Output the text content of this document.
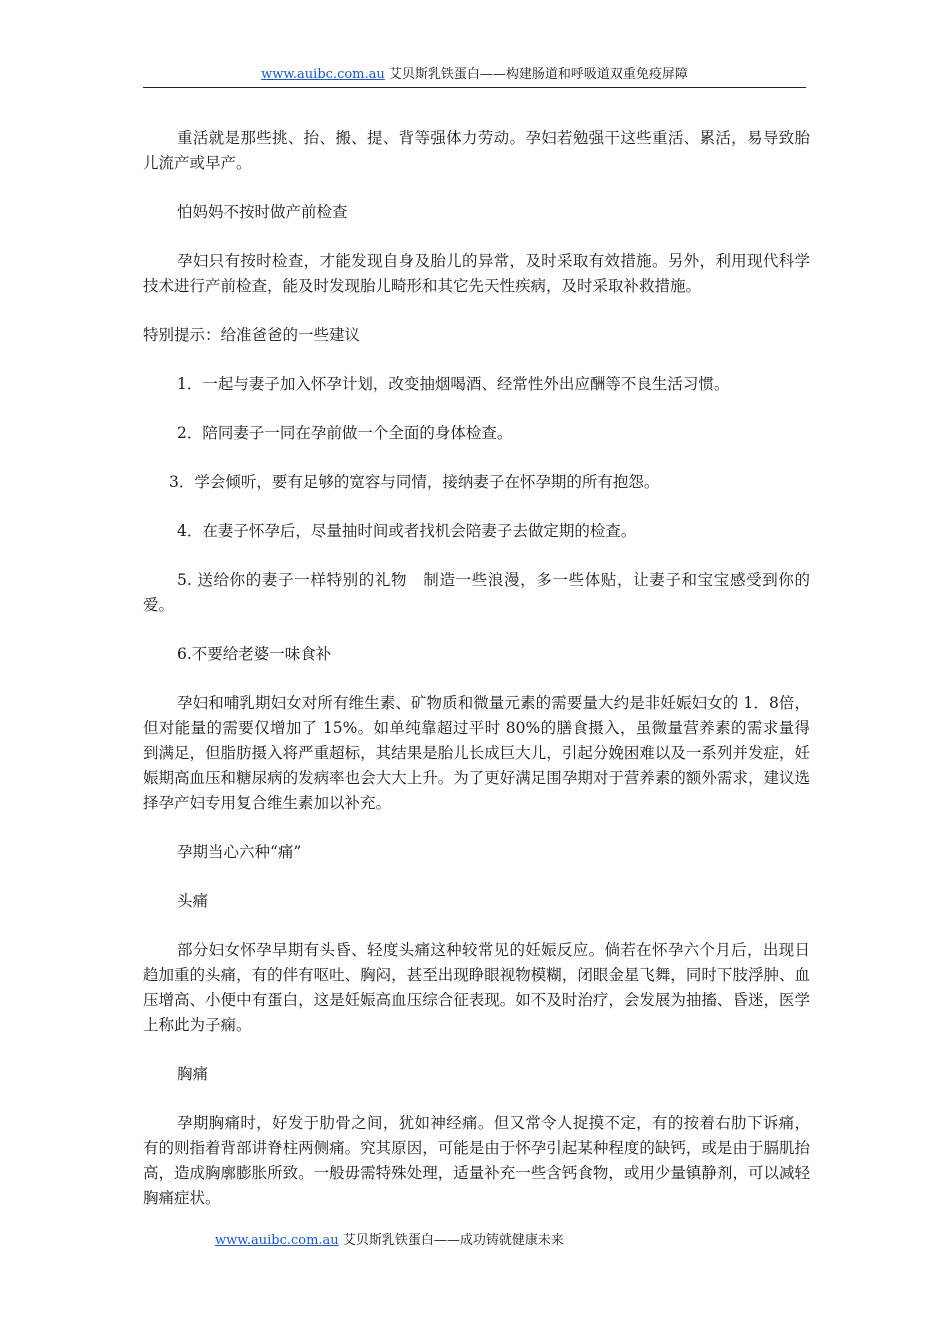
www.auibc.com.au 艾贝斯乳铁蛋白——构建肠道和呼吸道双重免疫屏障

重活就是那些挑、抬、搬、提、背等强体力劳动。孕妇若勉强干这些重活、累活，易导致胎儿流产或早产。

怕妈妈不按时做产前检查

孕妇只有按时检查，才能发现自身及胎儿的异常，及时采取有效措施。另外，利用现代科学技术进行产前检查，能及时发现胎儿畸形和其它先天性疾病，及时采取补救措施。

特别提示：给准爸爸的一些建议

1．一起与妻子加入怀孕计划，改变抽烟喝酒、经常性外出应酬等不良生活习惯。

2．陪同妻子一同在孕前做一个全面的身体检查。

3．学会倾听，要有足够的宽容与同情，接纳妻子在怀孕期的所有抱怨。

4．在妻子怀孕后，尽量抽时间或者找机会陪妻子去做定期的检查。

5. 送给你的妻子一样特别的礼物　制造一些浪漫，多一些体贴，让妻子和宝宝感受到你的爱。

6.不要给老婆一味食补

孕妇和哺乳期妇女对所有维生素、矿物质和微量元素的需要量大约是非妊娠妇女的 1．8倍，但对能量的需要仅增加了 15%。如单纯靠超过平时 80%的膳食摄入，虽微量营养素的需求量得到满足，但脂肪摄入将严重超标，其结果是胎儿长成巨大儿，引起分娩困难以及一系列并发症，妊娠期高血压和糖尿病的发病率也会大大上升。为了更好满足围孕期对于营养素的额外需求，建议选择孕产妇专用复合维生素加以补充。

孕期当心六种“痛”

头痛

部分妇女怀孕早期有头昏、轻度头痛这种较常见的妊娠反应。倘若在怀孕六个月后，出现日趋加重的头痛，有的伴有呕吐、胸闷，甚至出现睁眼视物模糊，闭眼金星飞舞，同时下肢浮肿、血压增高、小便中有蛋白，这是妊娠高血压综合征表现。如不及时治疗，会发展为抽搐、昏迷，医学上称此为子痫。

胸痛

孕期胸痛时，好发于肋骨之间，犹如神经痛。但又常令人捉摸不定，有的按着右肋下诉痛，有的则指着背部讲脊柱两侧痛。究其原因，可能是由于怀孕引起某种程度的缺钙，或是由于膈肌抬高，造成胸廓膨胀所致。一般毋需特殊处理，适量补充一些含钙食物，或用少量镇静剂，可以减轻胸痛症状。

www.auibc.com.au 艾贝斯乳铁蛋白——成功铸就健康未来
